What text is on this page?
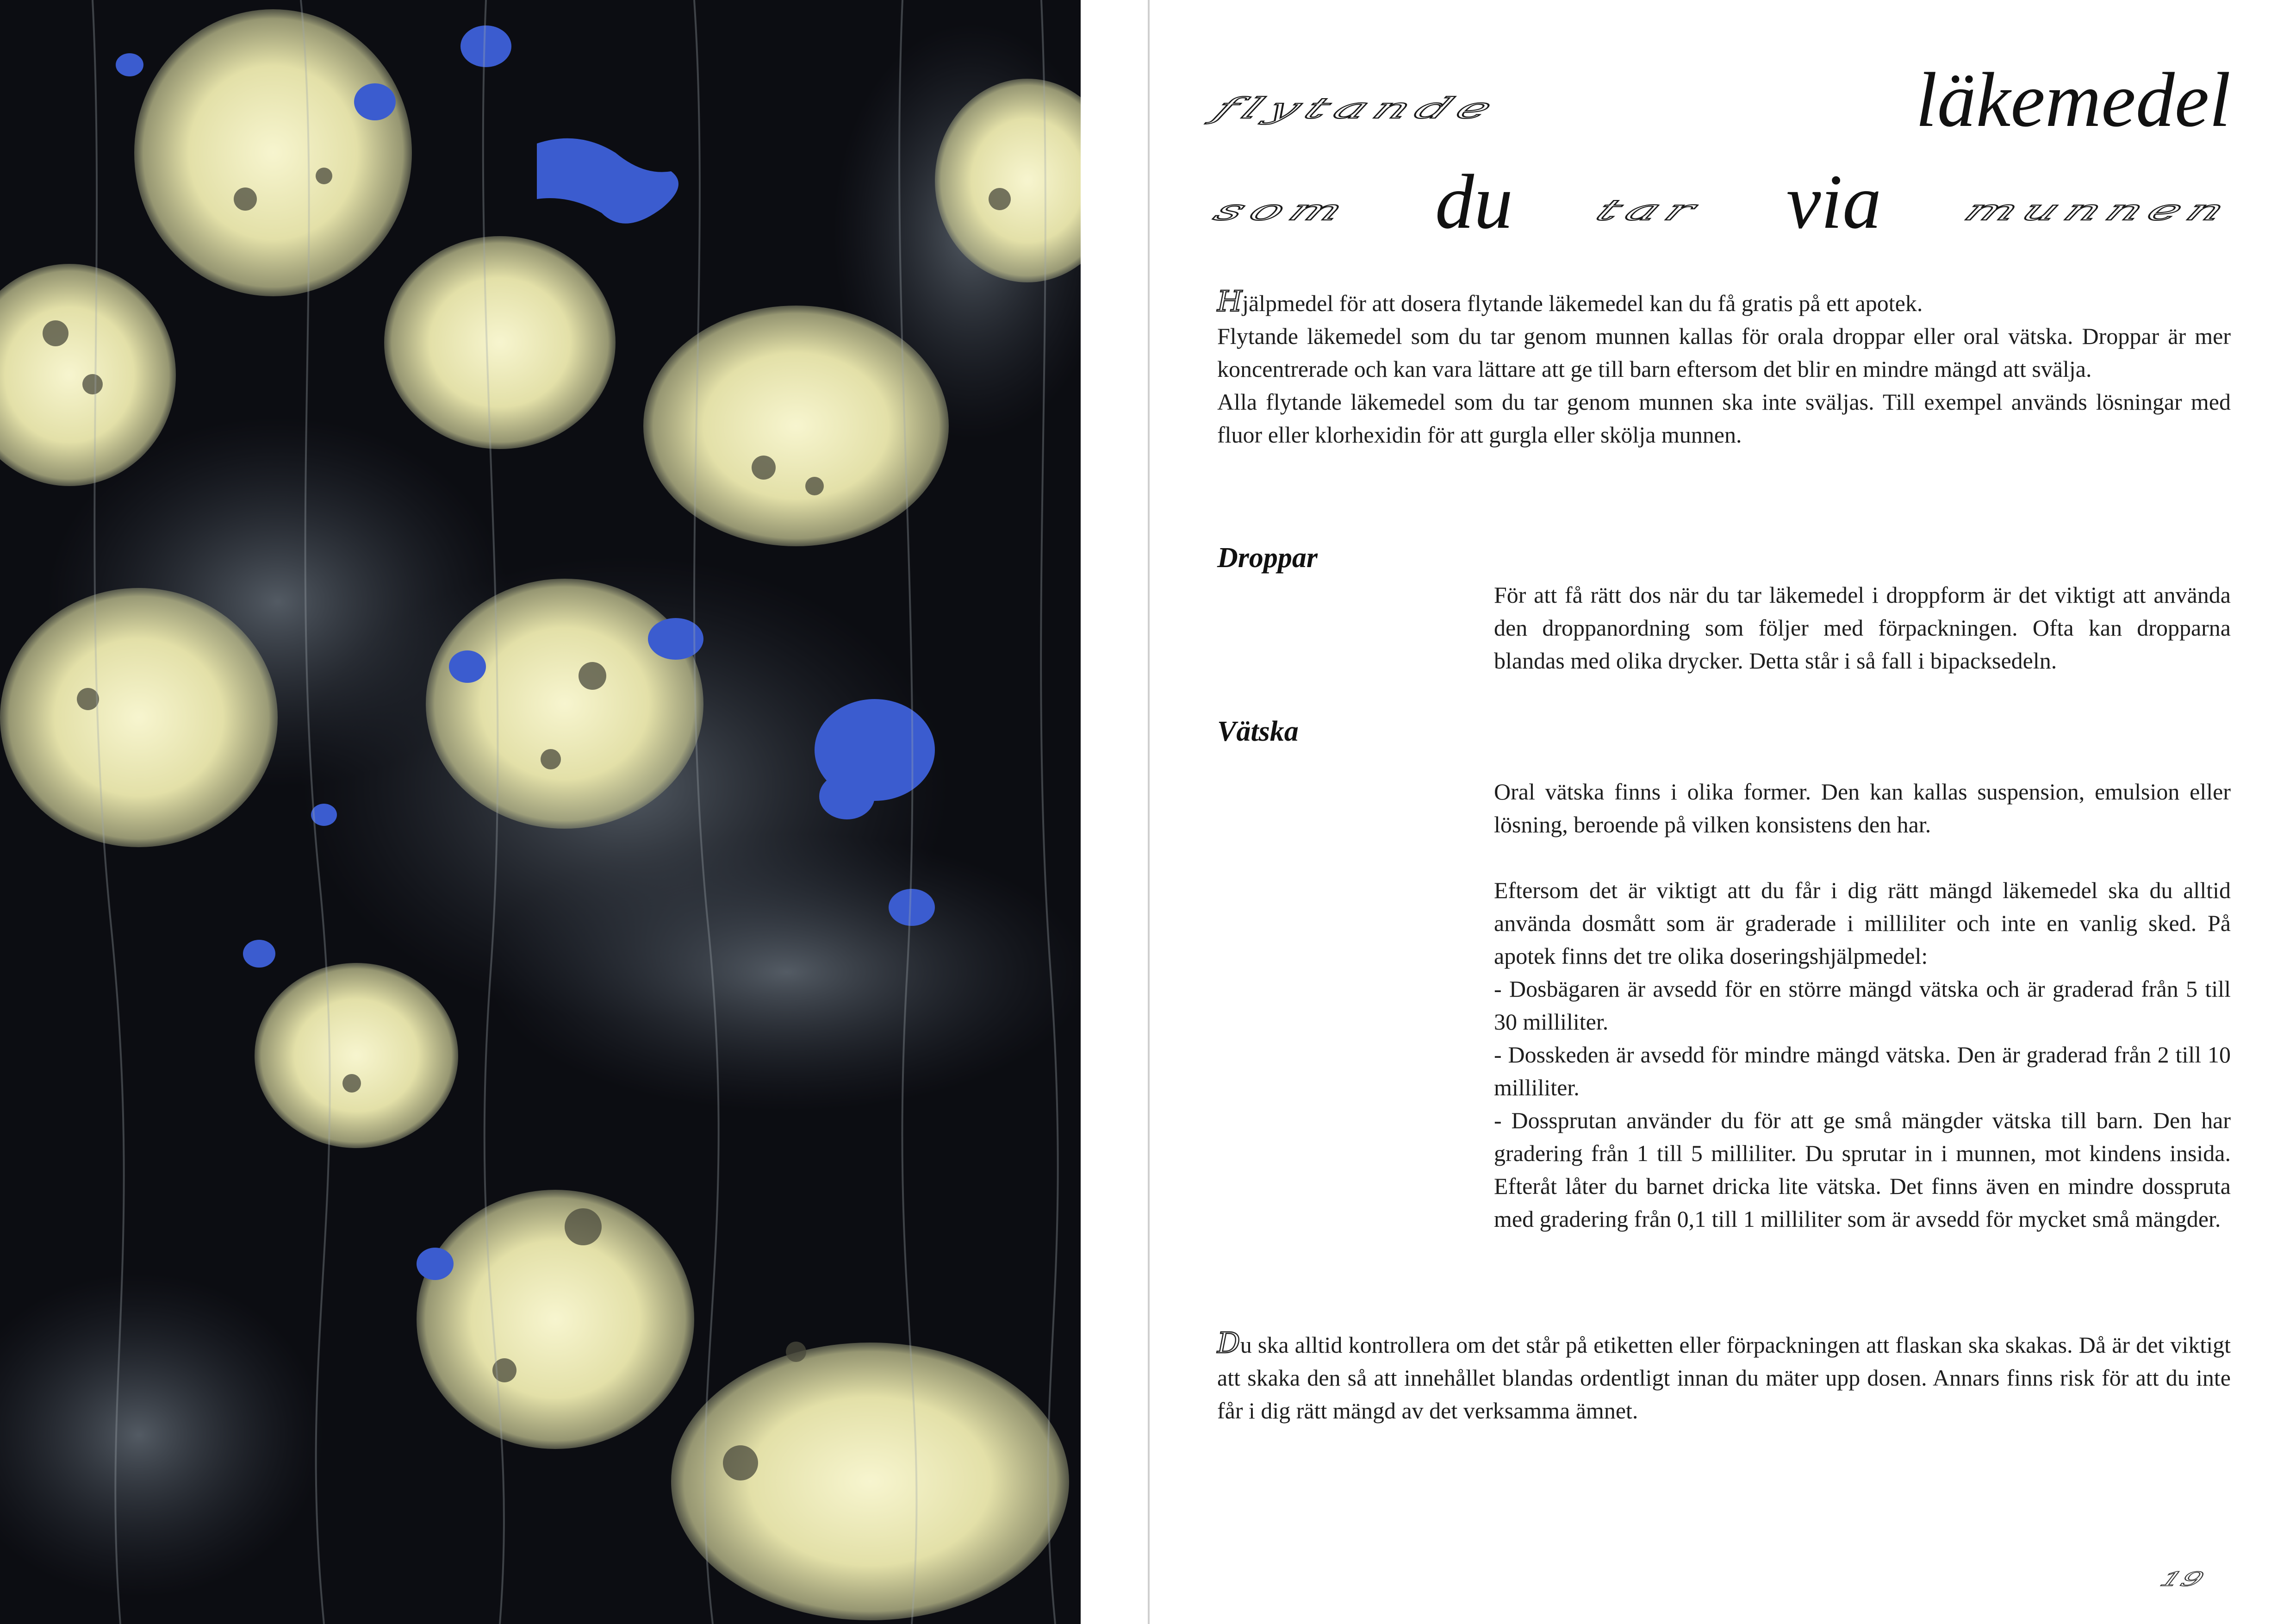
flytande	läkemedel
som du tar via munnen

Hjälpmedel för att dosera flytande läkemedel kan du få gratis på ett apotek.

Flytande läkemedel som du tar genom munnen kallas för orala droppar eller oral vätska. Droppar är mer koncentrerade och kan vara lättare att ge till barn eftersom det blir en mindre mängd att svälja.

Alla flytande läkemedel som du tar genom munnen ska inte sväljas. Till exempel används lösningar med fluor eller klorhexidin för att gurgla eller skölja munnen.

Droppar

För att få rätt dos när du tar läkemedel i droppform är det viktigt att använda den droppanordning som följer med förpackningen. Ofta kan dropparna blandas med olika drycker. Detta står i så fall i bipacksedeln.

Vätska

Oral vätska finns i olika former. Den kan kallas suspension, emulsion eller lösning, beroende på vilken konsistens den har.

Eftersom det är viktigt att du får i dig rätt mängd läkemedel ska du alltid använda dosmått som är graderade i milliliter och inte en vanlig sked. På apotek finns det tre olika doseringshjälpmedel:
- Dosbägaren är avsedd för en större mängd vätska och är graderad från 5 till 30 milliliter.
- Dosskeden är avsedd för mindre mängd vätska. Den är graderad från 2 till 10 milliliter.
- Dossprutan använder du för att ge små mängder vätska till barn. Den har gradering från 1 till 5 milliliter. Du sprutar in i munnen, mot kindens insida. Efteråt låter du barnet dricka lite vätska. Det finns även en mindre dosspruta med gradering från 0,1 till 1 milliliter som är avsedd för mycket små mängder.

Du ska alltid kontrollera om det står på etiketten eller förpackningen att flaskan ska skakas. Då är det viktigt att skaka den så att innehållet blandas ordentligt innan du mäter upp dosen. Annars finns risk för att du inte får i dig rätt mängd av det verksamma ämnet.

19
